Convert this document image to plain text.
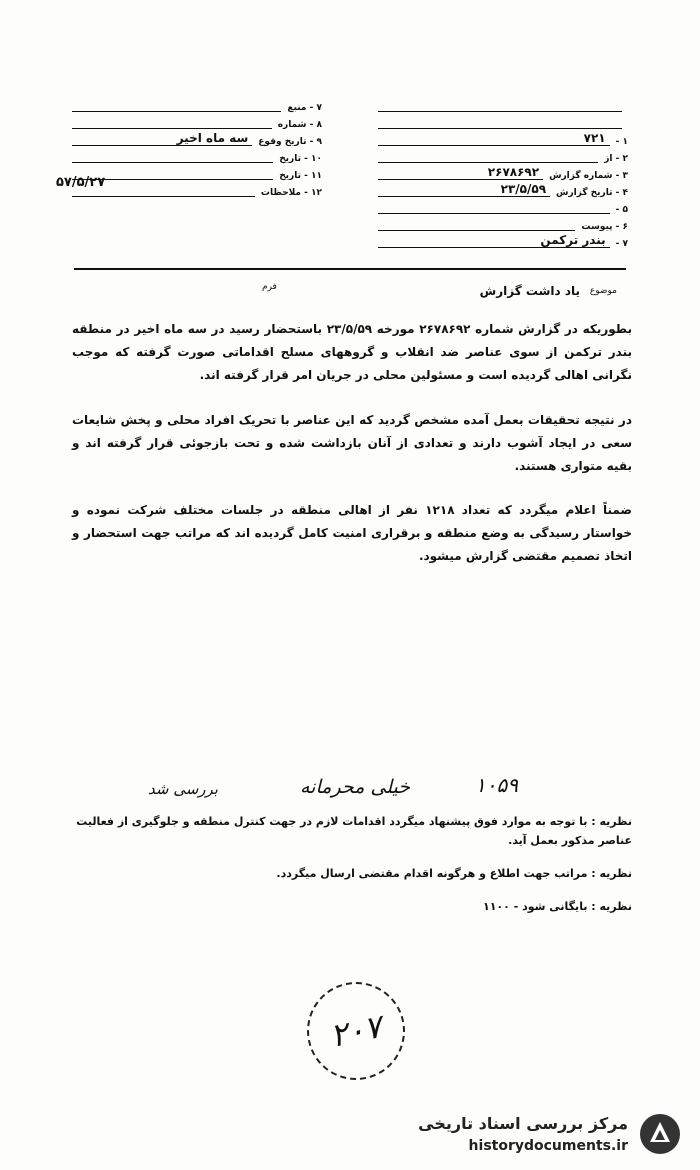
۱ -
۷۲۱
۲ - از
۳ - شماره گزارش
۲۶۷۸۶۹۲
۴ - تاریخ گزارش
۲۳/۵/۵۹
۵ -
۶ - پیوست
۷ -
بندر ترکمن
۷ - منبع
۸ - شماره
۹ - تاریخ وقوع
سه ماه اخیر
۱۰ - تاریخ
۱۱ - تاریخ
۱۲ - ملاحظات
۵۷/۵/۲۷
موضوع
یاد داشت گزارش
فرم

بطوریکه در گزارش شماره ۲۶۷۸۶۹۲ مورخه ۲۳/۵/۵۹ باستحضار رسید در سه ماه اخیر در منطقه بندر ترکمن از سوی عناصر ضد انقلاب و گروههای مسلح اقداماتی صورت گرفته که موجب نگرانی اهالی گردیده است و مسئولین محلی در جریان امر قرار گرفته اند.

در نتیجه تحقیقات بعمل آمده مشخص گردید که این عناصر با تحریک افراد محلی و پخش شایعات سعی در ایجاد آشوب دارند و تعدادی از آنان بازداشت شده و تحت بازجوئی قرار گرفته اند و بقیه متواری هستند.

ضمناً اعلام میگردد که تعداد ۱۲۱۸ نفر از اهالی منطقه در جلسات مختلف شرکت نموده و خواستار رسیدگی به وضع منطقه و برقراری امنیت کامل گردیده اند که مراتب جهت استحضار و اتخاذ تصمیم مقتضی گزارش میشود.

۱۰۵۹
خیلی محرمانه
بررسی شد

نظریه : با توجه به موارد فوق پیشنهاد میگردد اقدامات لازم در جهت کنترل منطقه و جلوگیری از فعالیت عناصر مذکور بعمل آید.

نظریه : مراتب جهت اطلاع و هرگونه اقدام مقتضی ارسال میگردد.

نظریه : بایگانی شود - ۱۱۰۰

۲۰۷
مرکز بررسی اسناد تاریخی
historydocuments.ir
